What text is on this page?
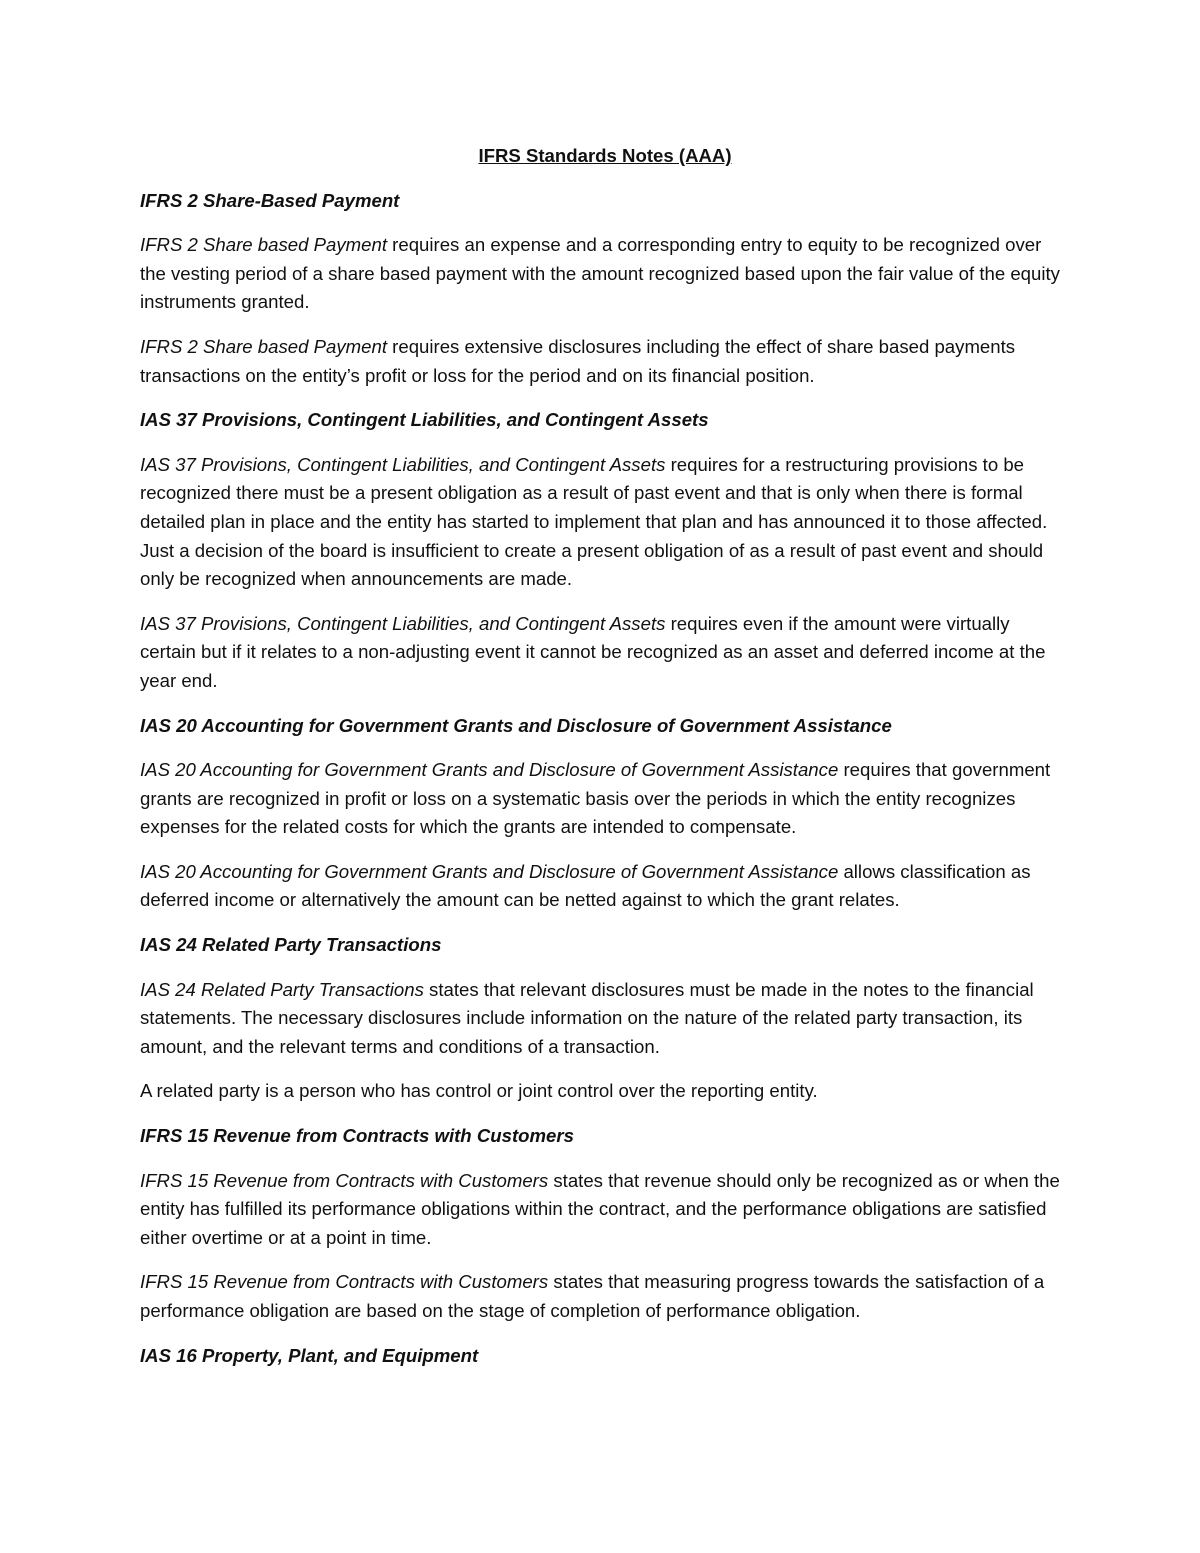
IFRS Standards Notes (AAA)
IFRS 2 Share-Based Payment

IFRS 2 Share based Payment requires an expense and a corresponding entry to equity to be recognized over the vesting period of a share based payment with the amount recognized based upon the fair value of the equity instruments granted.

IFRS 2 Share based Payment requires extensive disclosures including the effect of share based payments transactions on the entity’s profit or loss for the period and on its financial position.

IAS 37 Provisions, Contingent Liabilities, and Contingent Assets

IAS 37 Provisions, Contingent Liabilities, and Contingent Assets requires for a restructuring provisions to be recognized there must be a present obligation as a result of past event and that is only when there is formal detailed plan in place and the entity has started to implement that plan and has announced it to those affected. Just a decision of the board is insufficient to create a present obligation of as a result of past event and should only be recognized when announcements are made.

IAS 37 Provisions, Contingent Liabilities, and Contingent Assets requires even if the amount were virtually certain but if it relates to a non-adjusting event it cannot be recognized as an asset and deferred income at the year end.

IAS 20 Accounting for Government Grants and Disclosure of Government Assistance

IAS 20 Accounting for Government Grants and Disclosure of Government Assistance requires that government grants are recognized in profit or loss on a systematic basis over the periods in which the entity recognizes expenses for the related costs for which the grants are intended to compensate.

IAS 20 Accounting for Government Grants and Disclosure of Government Assistance allows classification as deferred income or alternatively the amount can be netted against to which the grant relates.

IAS 24 Related Party Transactions

IAS 24 Related Party Transactions states that relevant disclosures must be made in the notes to the financial statements. The necessary disclosures include information on the nature of the related party transaction, its amount, and the relevant terms and conditions of a transaction.

A related party is a person who has control or joint control over the reporting entity.

IFRS 15 Revenue from Contracts with Customers

IFRS 15 Revenue from Contracts with Customers states that revenue should only be recognized as or when the entity has fulfilled its performance obligations within the contract, and the performance obligations are satisfied either overtime or at a point in time.

IFRS 15 Revenue from Contracts with Customers states that measuring progress towards the satisfaction of a performance obligation are based on the stage of completion of performance obligation.

IAS 16 Property, Plant, and Equipment
